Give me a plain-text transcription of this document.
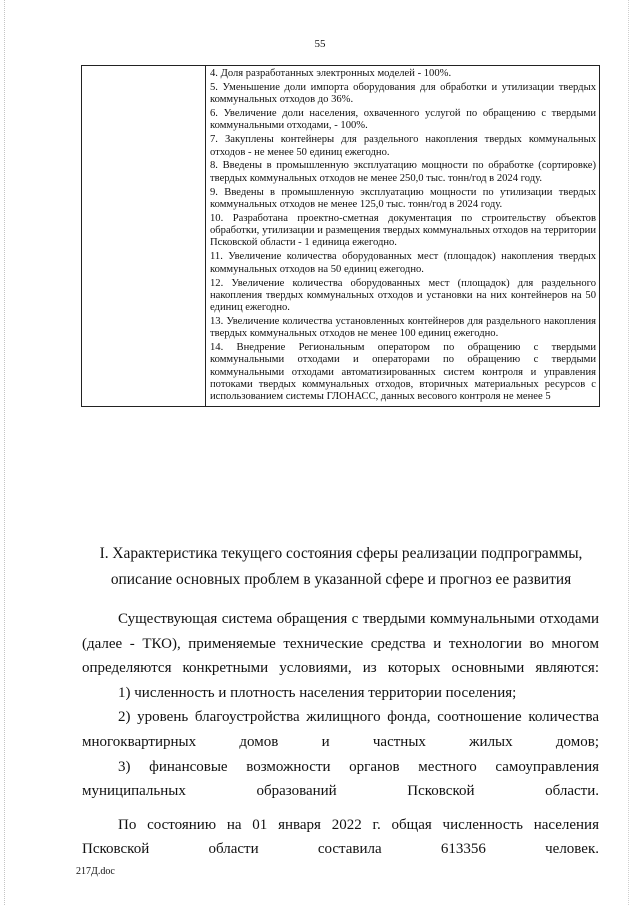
55

4. Доля разработанных электронных моделей - 100%.
5. Уменьшение доли импорта оборудования для обработки и утилизации твердых коммунальных отходов до 36%.
6. Увеличение доли населения, охваченного услугой по обращению с твердыми коммунальными отходами, - 100%.
7. Закуплены контейнеры для раздельного накопления твердых коммунальных отходов - не менее 50 единиц ежегодно.
8. Введены в промышленную эксплуатацию мощности по обработке (сортировке) твердых коммунальных отходов не менее 250,0 тыс. тонн/год в 2024 году.
9. Введены в промышленную эксплуатацию мощности по утилизации твердых коммунальных отходов не менее 125,0 тыс. тонн/год в 2024 году.
10. Разработана проектно-сметная документация по строительству объектов обработки, утилизации и размещения твердых коммунальных отходов на территории Псковской области - 1 единица ежегодно.
11. Увеличение количества оборудованных мест (площадок) накопления твердых коммунальных отходов на 50 единиц ежегодно.
12. Увеличение количества оборудованных мест (площадок) для раздельного накопления твердых коммунальных отходов и установки на них контейнеров на 50 единиц ежегодно.
13. Увеличение количества установленных контейнеров для раздельного накопления твердых коммунальных отходов не менее 100 единиц ежегодно.
14. Внедрение Региональным оператором по обращению с твердыми коммунальными отходами и операторами по обращению с твердыми коммунальными отходами автоматизированных систем контроля и управления потоками твердых коммунальных отходов, вторичных материальных ресурсов с использованием системы ГЛОНАСС, данных весового контроля не менее 5
I. Характеристика текущего состояния сферы реализации подпрограммы,
описание основных проблем в указанной сфере и прогноз ее развития

Существующая система обращения с твердыми коммунальными отходами (далее - ТКО), применяемые технические средства и технологии во многом определяются конкретными условиями, из которых основными являются:

1) численность и плотность населения территории поселения;

2) уровень благоустройства жилищного фонда, соотношение количества многоквартирных домов и частных жилых домов;

3) финансовые возможности органов местного самоуправления муниципальных образований Псковской области.

По состоянию на 01 января 2022 г. общая численность населения Псковской области составила 613356 человек.

217Д.doc
